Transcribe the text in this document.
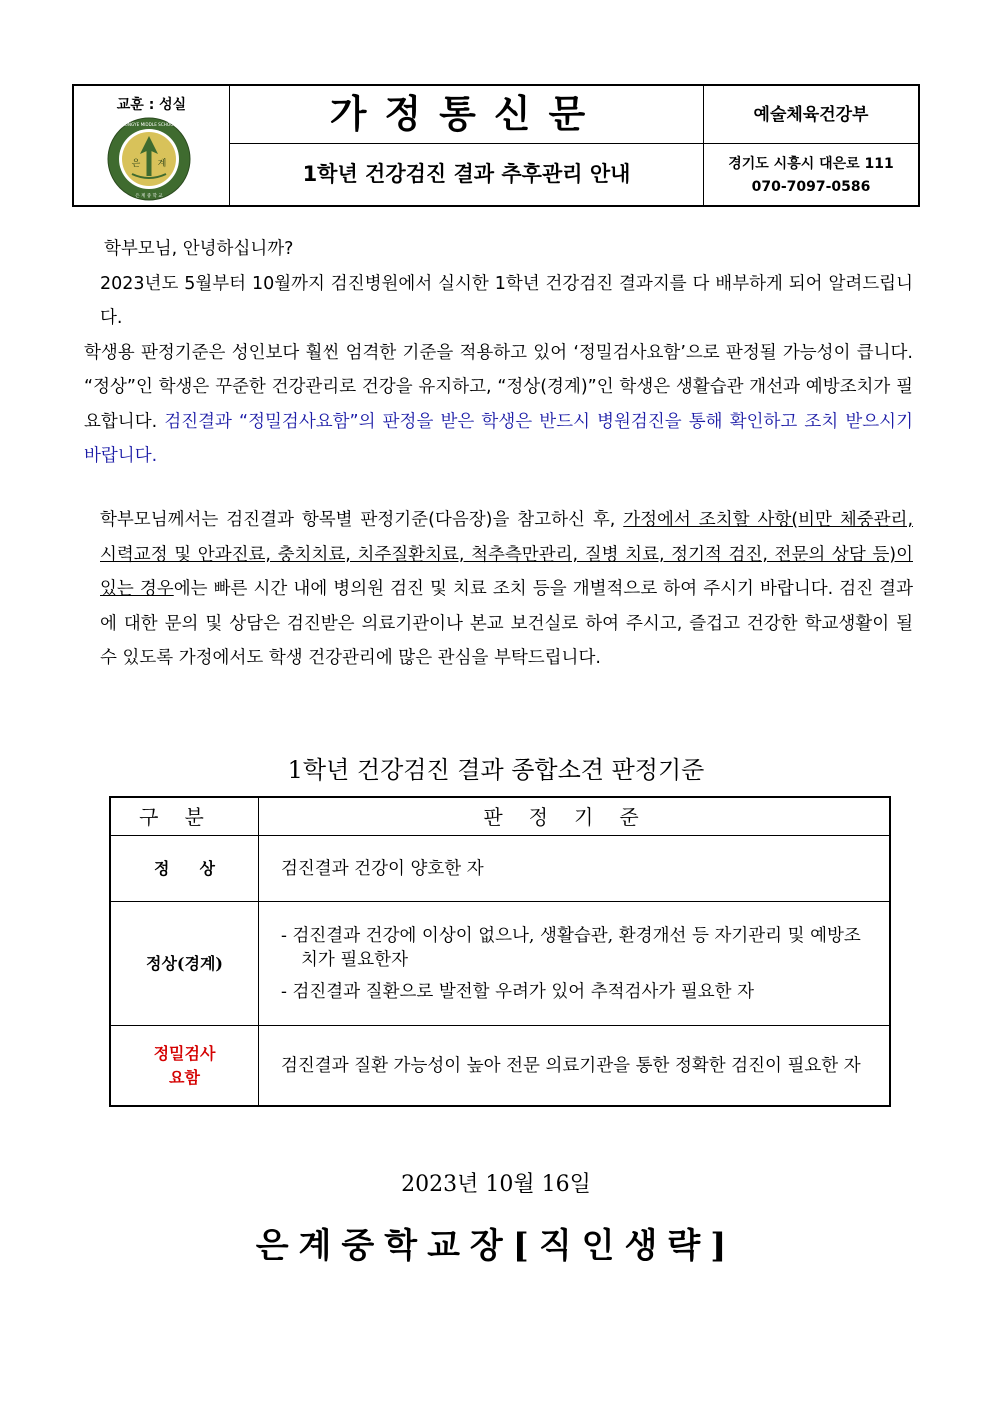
교훈 : 성실
은 계
EUNGYE MIDDLE SCHOOL
은 계 중 학 교
가정통신문
1학년 건강검진 결과 추후관리 안내
예술체육건강부
경기도 시흥시 대은로 111
070-7097-0586
학부모님, 안녕하십니까?
2023년도 5월부터 10월까지 검진병원에서 실시한 1학년 건강검진 결과지를 다 배부하게 되어 알려드립니다.
학생용 판정기준은 성인보다 훨씬 엄격한 기준을 적용하고 있어 ‘정밀검사요함’으로 판정될 가능성이 큽니다. “정상”인 학생은 꾸준한 건강관리로 건강을 유지하고, “정상(경계)”인 학생은 생활습관 개선과 예방조치가 필요합니다. 검진결과 “정밀검사요함”의 판정을 받은 학생은 반드시 병원검진을 통해 확인하고 조치 받으시기 바랍니다.
학부모님께서는 검진결과 항목별 판정기준(다음장)을 참고하신 후, 가정에서 조치할 사항(비만 체중관리, 시력교정 및 안과진료, 충치치료, 치주질환치료, 척추측만관리, 질병 치료, 정기적 검진, 전문의 상담 등)이 있는 경우에는 빠른 시간 내에 병의원 검진 및 치료 조치 등을 개별적으로 하여 주시기 바랍니다. 검진 결과에 대한 문의 및 상담은 검진받은 의료기관이나 본교 보건실로 하여 주시고, 즐겁고 건강한 학교생활이 될 수 있도록 가정에서도 학생 건강관리에 많은 관심을 부탁드립니다.
1학년 건강검진 결과 종합소견 판정기준
구분	판정기준
정상	검진결과 건강이 양호한 자
정상(경계)
- 검진결과 건강에 이상이 없으나, 생활습관, 환경개선 등 자기관리 및 예방조치가 필요한자
- 검진결과 질환으로 발전할 우려가 있어 추적검사가 필요한 자
정밀검사
요함
검진결과 질환 가능성이 높아 전문 의료기관을 통한 정확한 검진이 필요한 자
2023년 10월 16일
은계중학교장[직인생략]
